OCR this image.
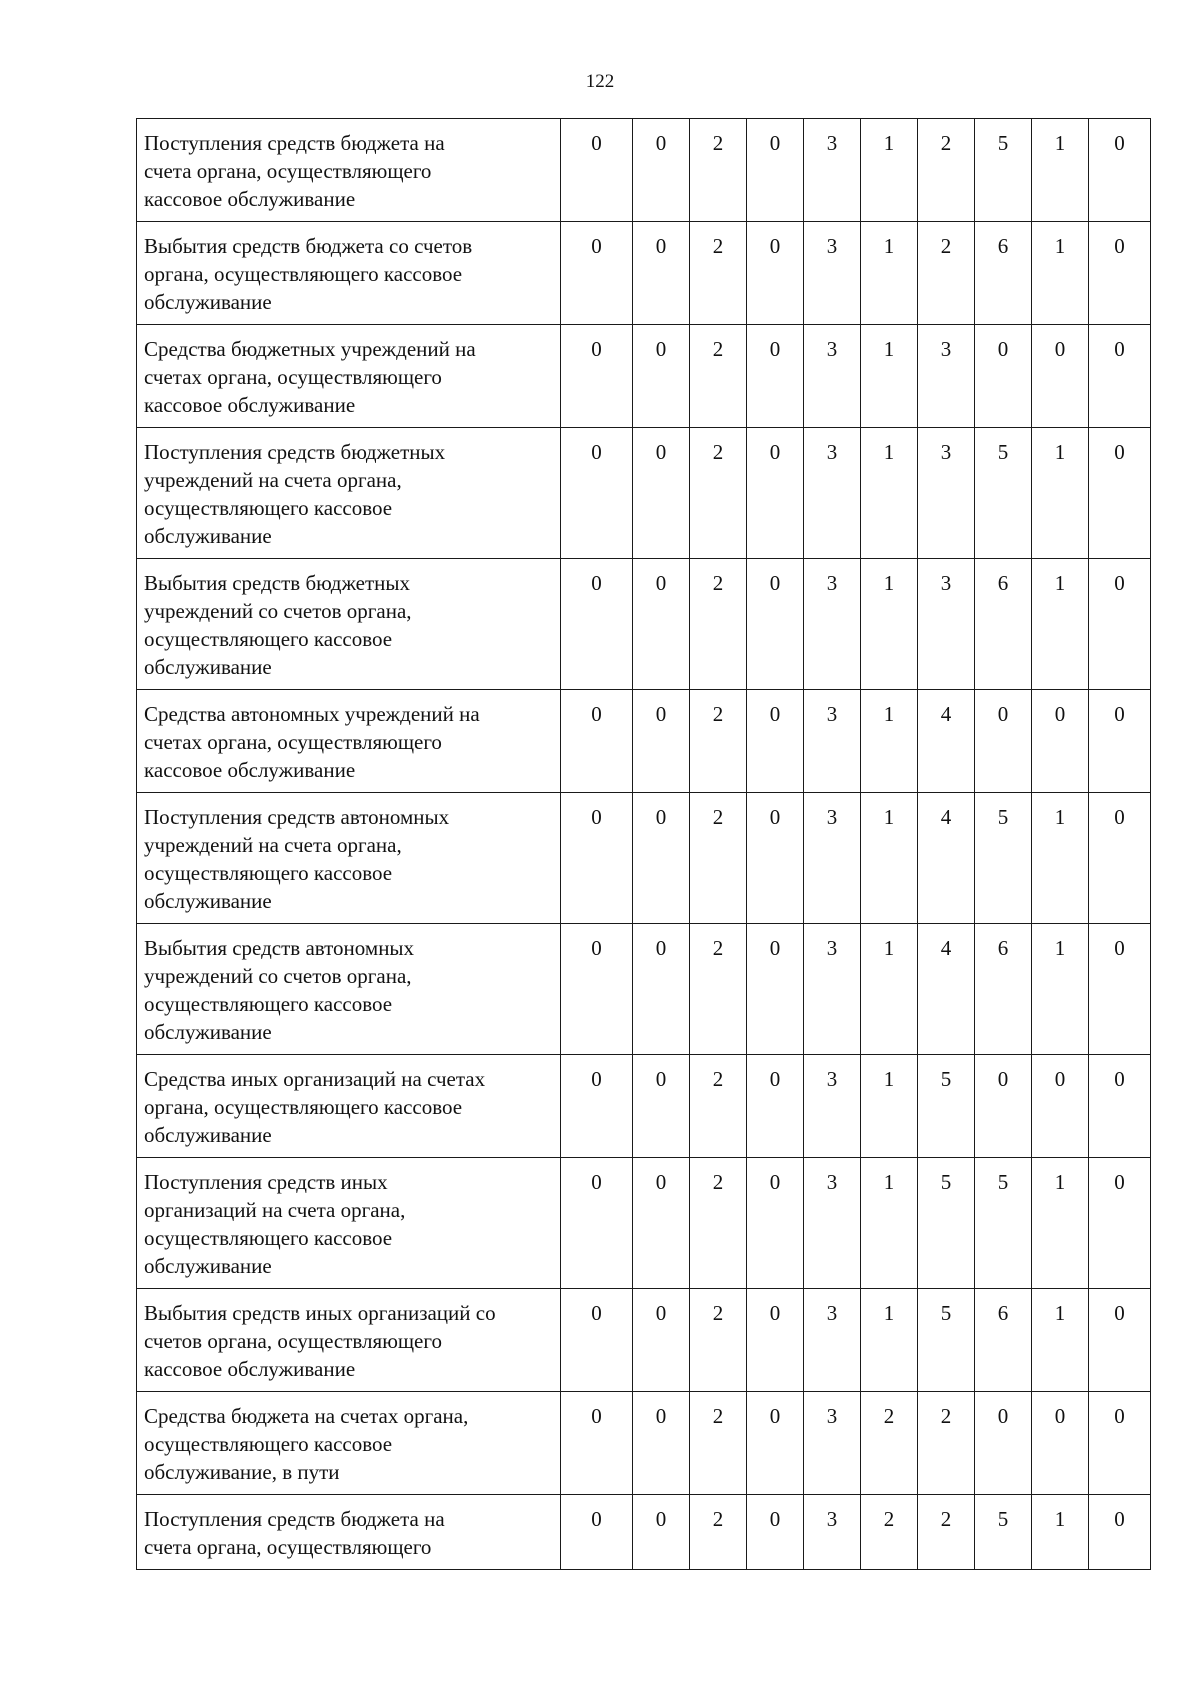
122
Поступления средств бюджета на
счета органа, осуществляющего
кассовое обслуживание	0	0	2	0	3	1	2	5	1	0
Выбытия средств бюджета со счетов
органа, осуществляющего кассовое
обслуживание	0	0	2	0	3	1	2	6	1	0
Средства бюджетных учреждений на
счетах органа, осуществляющего
кассовое обслуживание	0	0	2	0	3	1	3	0	0	0
Поступления средств бюджетных
учреждений на счета органа,
осуществляющего кассовое
обслуживание	0	0	2	0	3	1	3	5	1	0
Выбытия средств бюджетных
учреждений со счетов органа,
осуществляющего кассовое
обслуживание	0	0	2	0	3	1	3	6	1	0
Средства автономных учреждений на
счетах органа, осуществляющего
кассовое обслуживание	0	0	2	0	3	1	4	0	0	0
Поступления средств автономных
учреждений на счета органа,
осуществляющего кассовое
обслуживание	0	0	2	0	3	1	4	5	1	0
Выбытия средств автономных
учреждений со счетов органа,
осуществляющего кассовое
обслуживание	0	0	2	0	3	1	4	6	1	0
Средства иных организаций на счетах
органа, осуществляющего кассовое
обслуживание	0	0	2	0	3	1	5	0	0	0
Поступления средств иных
организаций на счета органа,
осуществляющего кассовое
обслуживание	0	0	2	0	3	1	5	5	1	0
Выбытия средств иных организаций со
счетов органа, осуществляющего
кассовое обслуживание	0	0	2	0	3	1	5	6	1	0
Средства бюджета на счетах органа,
осуществляющего кассовое
обслуживание, в пути	0	0	2	0	3	2	2	0	0	0
Поступления средств бюджета на
счета органа, осуществляющего	0	0	2	0	3	2	2	5	1	0
